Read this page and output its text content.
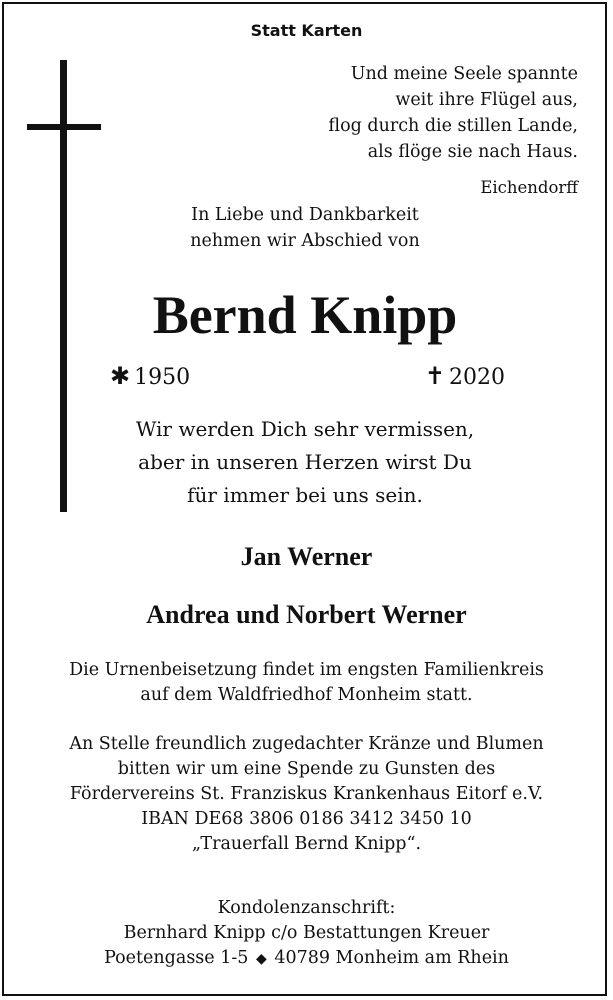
Statt Karten
Und meine Seele spannte
weit ihre Flügel aus,
flog durch die stillen Lande,
als flöge sie nach Haus.
Eichendorff
In Liebe und Dankbarkeit
nehmen wir Abschied von
Bernd Knipp
✱ 1950	✝ 2020
Wir werden Dich sehr vermissen,
aber in unseren Herzen wirst Du
für immer bei uns sein.
Jan Werner
Andrea und Norbert Werner
Die Urnenbeisetzung findet im engsten Familienkreis
auf dem Waldfriedhof Monheim statt.
An Stelle freundlich zugedachter Kränze und Blumen
bitten wir um eine Spende zu Gunsten des
Fördervereins St. Franziskus Krankenhaus Eitorf e.V.
IBAN DE68 3806 0186 3412 3450 10
„Trauerfall Bernd Knipp“.
Kondolenzanschrift:
Bernhard Knipp c/o Bestattungen Kreuer
Poetengasse 1-5 ◆ 40789 Monheim am Rhein
